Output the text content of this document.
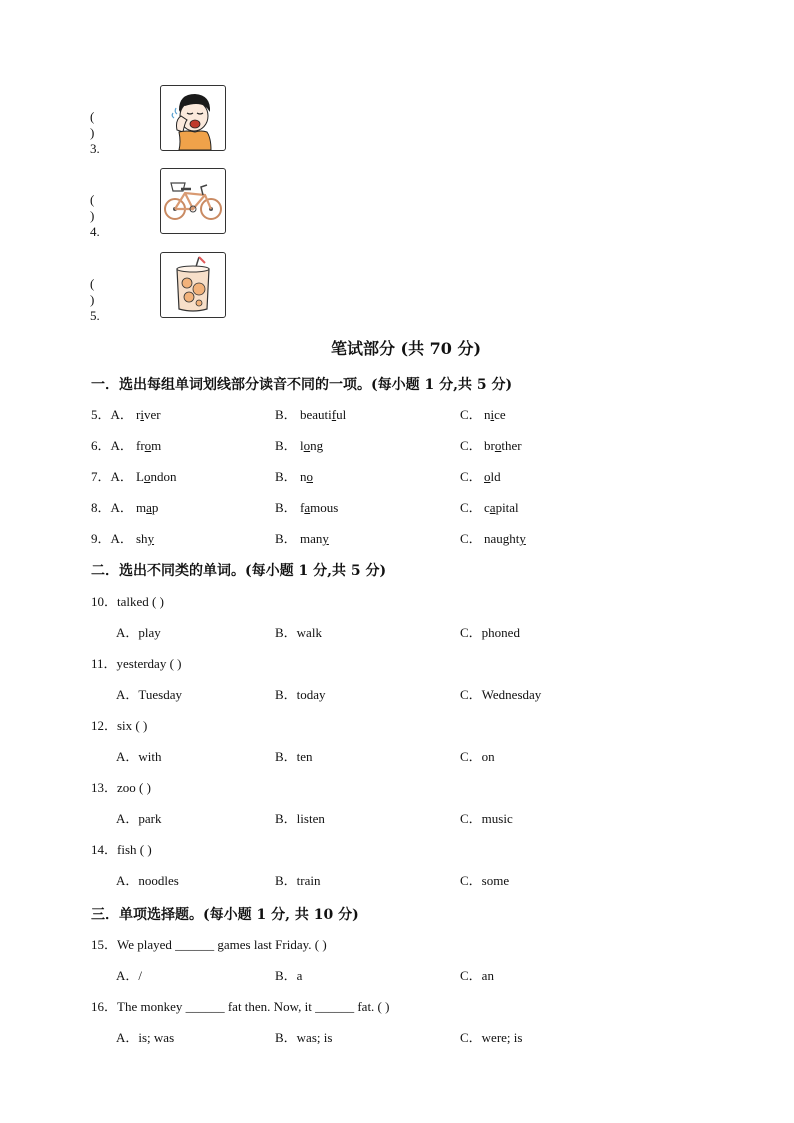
( ) 3.
( ) 4.
( ) 5.
笔试部分 (共 70 分)
一．选出每组单词划线部分读音不同的一项。(每小题 1 分,共 5 分)
二．选出不同类的单词。(每小题 1 分,共 5 分)
三．单项选择题。(每小题 1 分, 共 10 分)
5．A． river	B． beautiful	C． nice
6．A． from	B． long	C． brother
7．A． London	B． no	C． old
8．A． map	B． famous	C． capital
9．A． shy	B． many	C． naughty
10．talked ( )
A．play	B．walk	C．phoned
11．yesterday ( )
A．Tuesday	B．today	C．Wednesday
12．six ( )
A．with	B．ten	C．on
13．zoo ( )
A．park	B．listen	C．music
14．fish ( )
A．noodles	B．train	C．some
15．We played ______ games last Friday. ( )
A．/	B．a	C．an
16．The monkey ______ fat then. Now, it ______ fat. ( )
A．is; was	B．was; is	C．were; is
